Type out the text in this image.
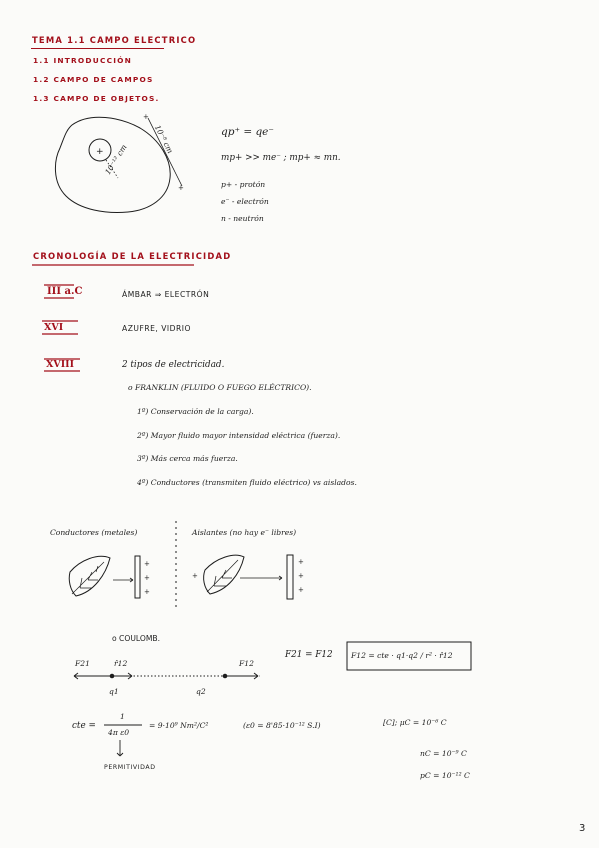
TEMA 1.1 CAMPO ELECTRICO
1.1 INTRODUCCIÓN
1.2 CAMPO DE CAMPOS
1.3 CAMPO DE OBJETOS.
+
+
+
+
+
+
+
+
+
+
10⁻¹² cm
10⁻⁸ cm	qp⁺ = qe⁻
mp+ >> me⁻ ; mp+ ≈ mn.
p+ - protón
e⁻ - electrón
n - neutrón
CRONOLOGÍA DE LA ELECTRICIDAD
III a.C	ÁMBAR ⇒ ELECTRÓN
XVI	AZUFRE, VIDRIO
XVIII	2 tipos de electricidad.
o FRANKLIN (FLUIDO O FUEGO ELÉCTRICO).
1º) Conservación de la carga).
2º) Mayor fluido mayor intensidad eléctrica (fuerza).
3º) Más cerca más fuerza.
4º) Conductores (transmiten fluido eléctrico) vs aislados.
Conductores (metales)	Aislantes (no hay e⁻ libres)
o COULOMB.
F21	r̂12	F12
q1	q2
F21 = F12 F12 = cte · q1·q2 / r² · r̂12
cte =
1
4π ε0
= 9·10⁹ Nm²/C²	(ε0 = 8'85·10⁻¹² S.I)
PERMITIVIDAD
[C]; μC = 10⁻⁶ C
nC = 10⁻⁹ C
pC = 10⁻¹² C
3
